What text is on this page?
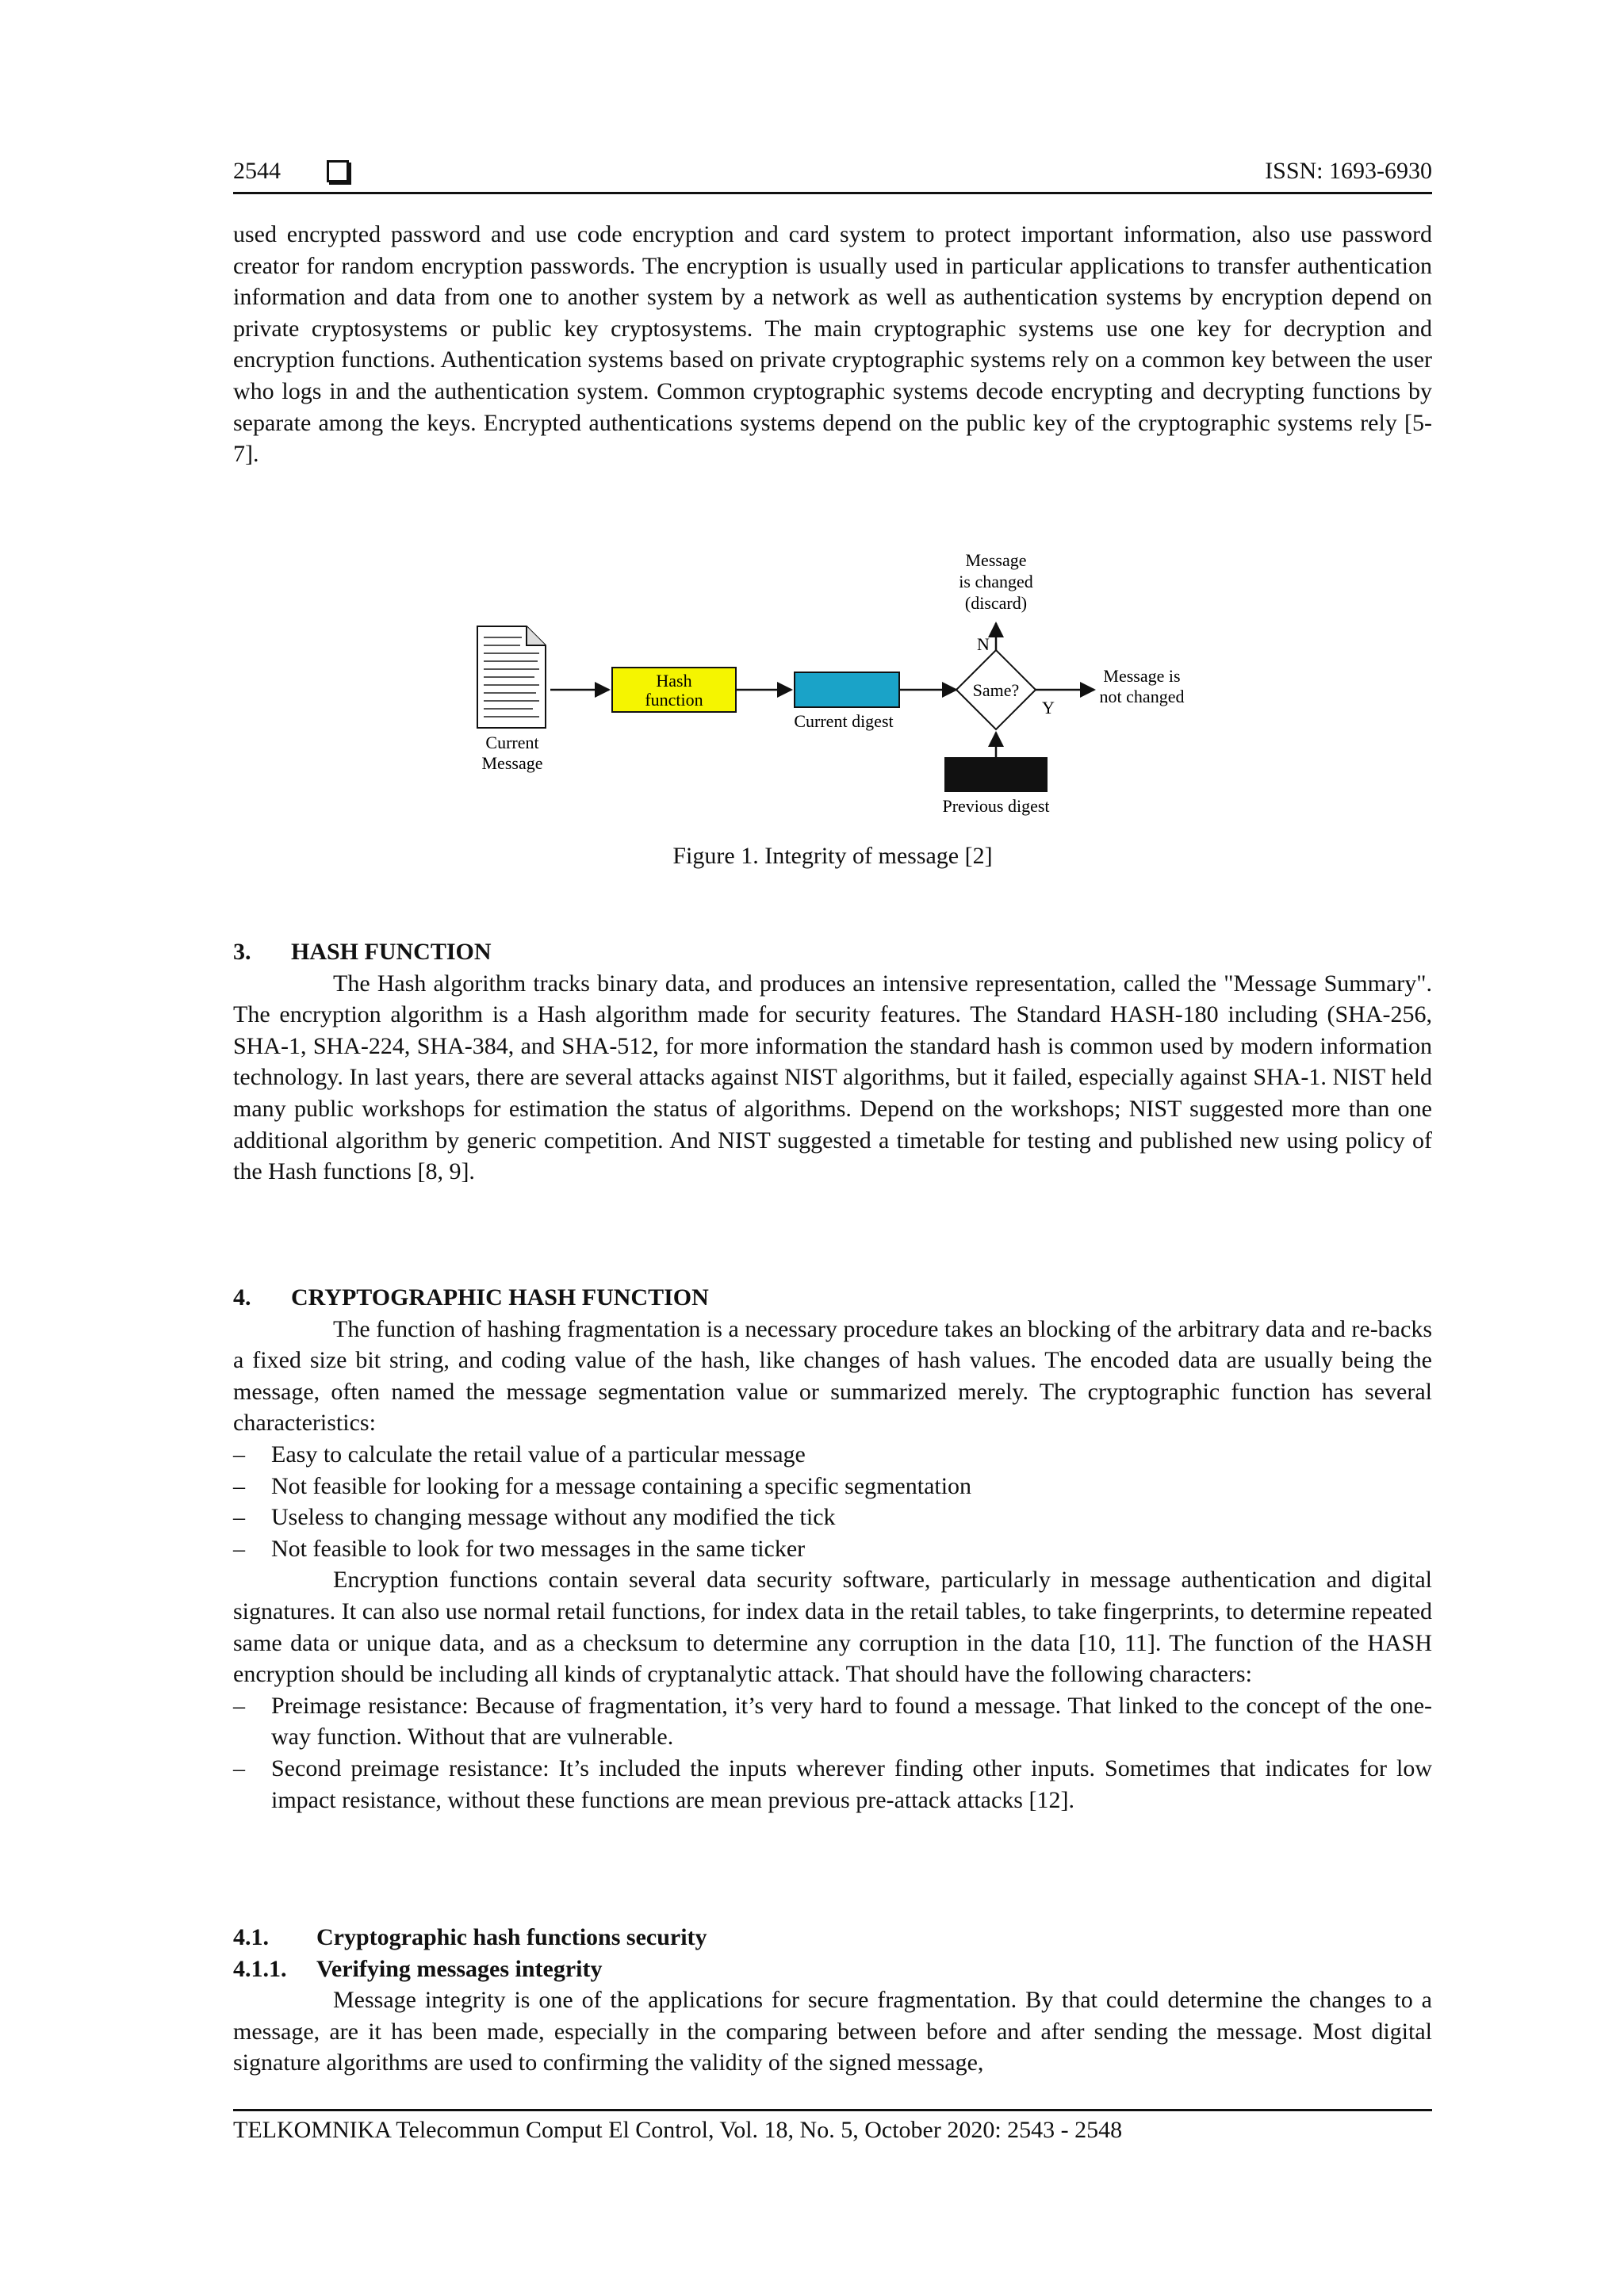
2544	ISSN: 1693-6930

used encrypted password and use code encryption and card system to protect important information, also use password creator for random encryption passwords. The encryption is usually used in particular applications to transfer authentication information and data from one to another system by a network as well as authentication systems by encryption depend on private cryptosystems or public key cryptosystems. The main cryptographic systems use one key for decryption and encryption functions. Authentication systems based on private cryptographic systems rely on a common key between the user who logs in and the authentication system. Common cryptographic systems decode encrypting and decrypting functions by separate among the keys. Encrypted authentications systems depend on the public key of the cryptographic systems rely [5-7].

Current
Message
Hash
function
Current digest
Same?
N
Message
is changed
(discard)
Y
Message is
not changed
Previous digest
Figure 1. Integrity of message [2]
3. HASH FUNCTION

The Hash algorithm tracks binary data, and produces an intensive representation, called the "Message Summary". The encryption algorithm is a Hash algorithm made for security features. The Standard HASH-180 including (SHA-256, SHA-1, SHA-224, SHA-384, and SHA-512, for more information the standard hash is common used by modern information technology. In last years, there are several attacks against NIST algorithms, but it failed, especially against SHA-1. NIST held many public workshops for estimation the status of algorithms. Depend on the workshops; NIST suggested more than one additional algorithm by generic competition. And NIST suggested a timetable for testing and published new using policy of the Hash functions [8, 9].

4. CRYPTOGRAPHIC HASH FUNCTION

The function of hashing fragmentation is a necessary procedure takes an blocking of the arbitrary data and re-backs a fixed size bit string, and coding value of the hash, like changes of hash values. The encoded data are usually being the message, often named the message segmentation value or summarized merely. The cryptographic function has several characteristics:

– Easy to calculate the retail value of a particular message
– Not feasible for looking for a message containing a specific segmentation
– Useless to changing message without any modified the tick
– Not feasible to look for two messages in the same ticker

Encryption functions contain several data security software, particularly in message authentication and digital signatures. It can also use normal retail functions, for index data in the retail tables, to take fingerprints, to determine repeated same data or unique data, and as a checksum to determine any corruption in the data [10, 11]. The function of the HASH encryption should be including all kinds of cryptanalytic attack. That should have the following characters:

– Preimage resistance: Because of fragmentation, it’s very hard to found a message. That linked to the concept of the one-way function. Without that are vulnerable.
– Second preimage resistance: It’s included the inputs wherever finding other inputs. Sometimes that indicates for low impact resistance, without these functions are mean previous pre-attack attacks [12].
4.1. Cryptographic hash functions security
4.1.1. Verifying messages integrity

Message integrity is one of the applications for secure fragmentation. By that could determine the changes to a message, are it has been made, especially in the comparing between before and after sending the message. Most digital signature algorithms are used to confirming the validity of the signed message,

TELKOMNIKA Telecommun Comput El Control, Vol. 18, No. 5, October 2020: 2543 - 2548
